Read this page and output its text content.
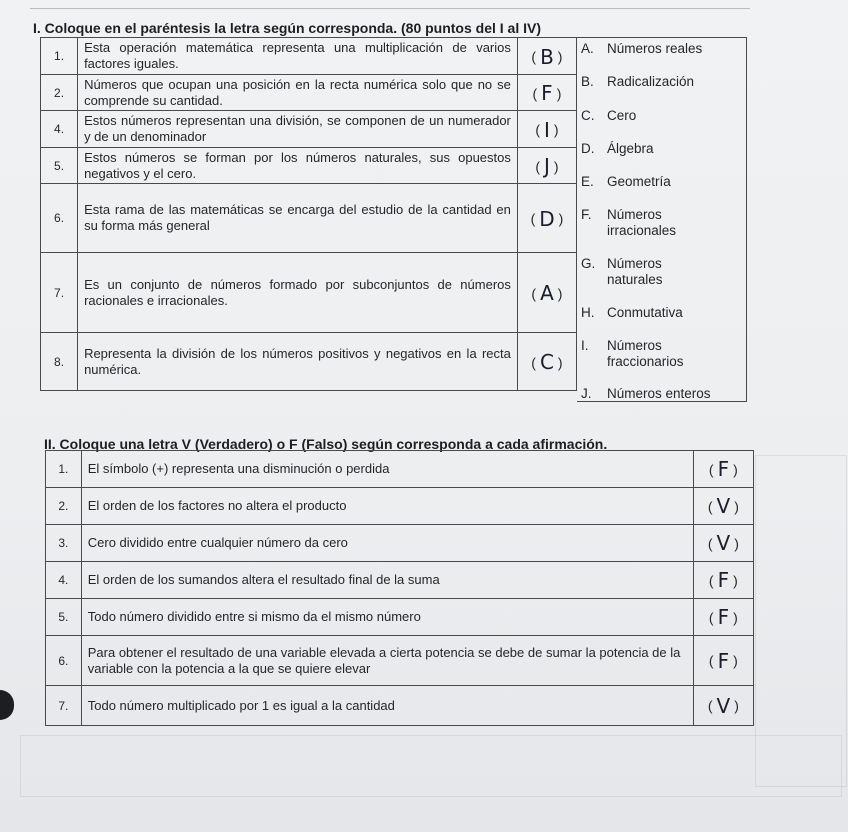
I. Coloque en el paréntesis la letra según corresponda. (80 puntos del I al IV)
1.	Esta operación matemática representa una multiplicación de varios factores iguales.	( B )
2.	Números que ocupan una posición en la recta numérica solo que no se comprende su cantidad.	( F )
4.	Estos números representan una división, se componen de un numerador y de un denominador	( I )
5.	Estos números se forman por los números naturales, sus opuestos negativos y el cero.	( J )
6.	Esta rama de las matemáticas se encarga del estudio de la cantidad en su forma más general	( D )
7.	Es un conjunto de números formado por subconjuntos de números racionales e irracionales.	( A )
8.	Representa la división de los números positivos y negativos en la recta numérica.	( C )
A. Números reales
B. Radicalización
C. Cero
D. Álgebra
E. Geometría
F. Números irracionales
G. Números naturales
H. Conmutativa
I. Números fraccionarios
J. Números enteros
II. Coloque una letra V (Verdadero) o F (Falso) según corresponda a cada afirmación.
1.	El símbolo (+) representa una disminución o perdida	( F )
2.	El orden de los factores no altera el producto	( V )
3.	Cero dividido entre cualquier número da cero	( V )
4.	El orden de los sumandos altera el resultado final de la suma	( F )
5.	Todo número dividido entre si mismo da el mismo número	( F )
6.	Para obtener el resultado de una variable elevada a cierta potencia se debe de sumar la potencia de la variable con la potencia a la que se quiere elevar	( F )
7.	Todo número multiplicado por 1 es igual a la cantidad	( V )
